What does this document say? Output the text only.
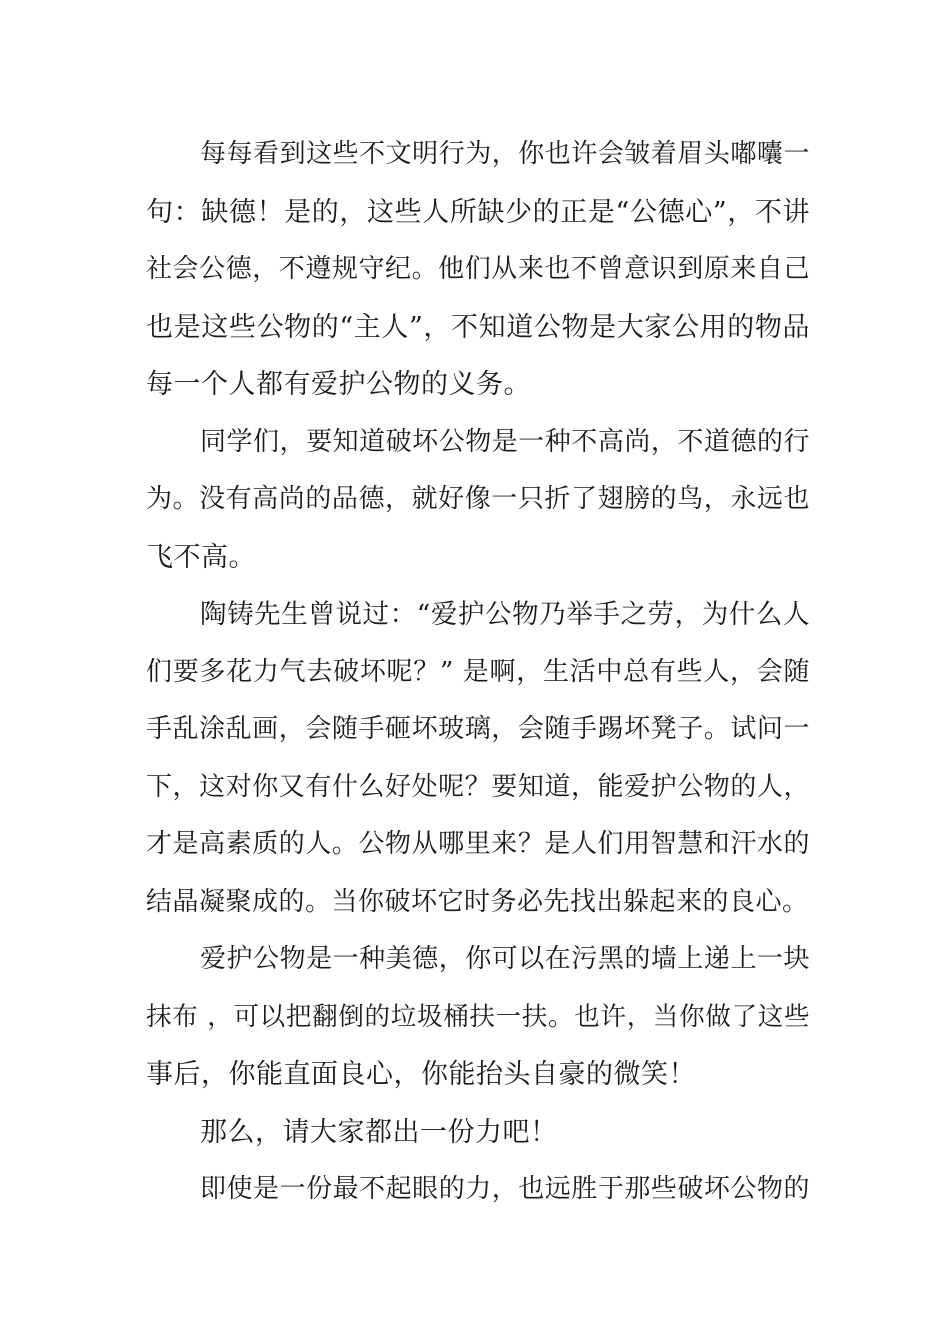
每每看到这些不文明行为，你也许会皱着眉头嘟囔一
句：缺德！是的，这些人所缺少的正是“公德心”，不讲
社会公德，不遵规守纪。他们从来也不曾意识到原来自己
也是这些公物的“主人”，不知道公物是大家公用的物品
每一个人都有爱护公物的义务。
同学们，要知道破坏公物是一种不高尚，不道德的行
为。没有高尚的品德，就好像一只折了翅膀的鸟，永远也
飞不高。
陶铸先生曾说过：“爱护公物乃举手之劳，为什么人
们要多花力气去破坏呢？” 是啊，生活中总有些人，会随
手乱涂乱画，会随手砸坏玻璃，会随手踢坏凳子。试问一
下，这对你又有什么好处呢？要知道，能爱护公物的人，
才是高素质的人。公物从哪里来？是人们用智慧和汗水的
结晶凝聚成的。当你破坏它时务必先找出躲起来的良心。
爱护公物是一种美德，你可以在污黑的墙上递上一块
抹布 ，可以把翻倒的垃圾桶扶一扶。也许，当你做了这些
事后，你能直面良心，你能抬头自豪的微笑！
那么，请大家都出一份力吧！
即使是一份最不起眼的力，也远胜于那些破坏公物的
